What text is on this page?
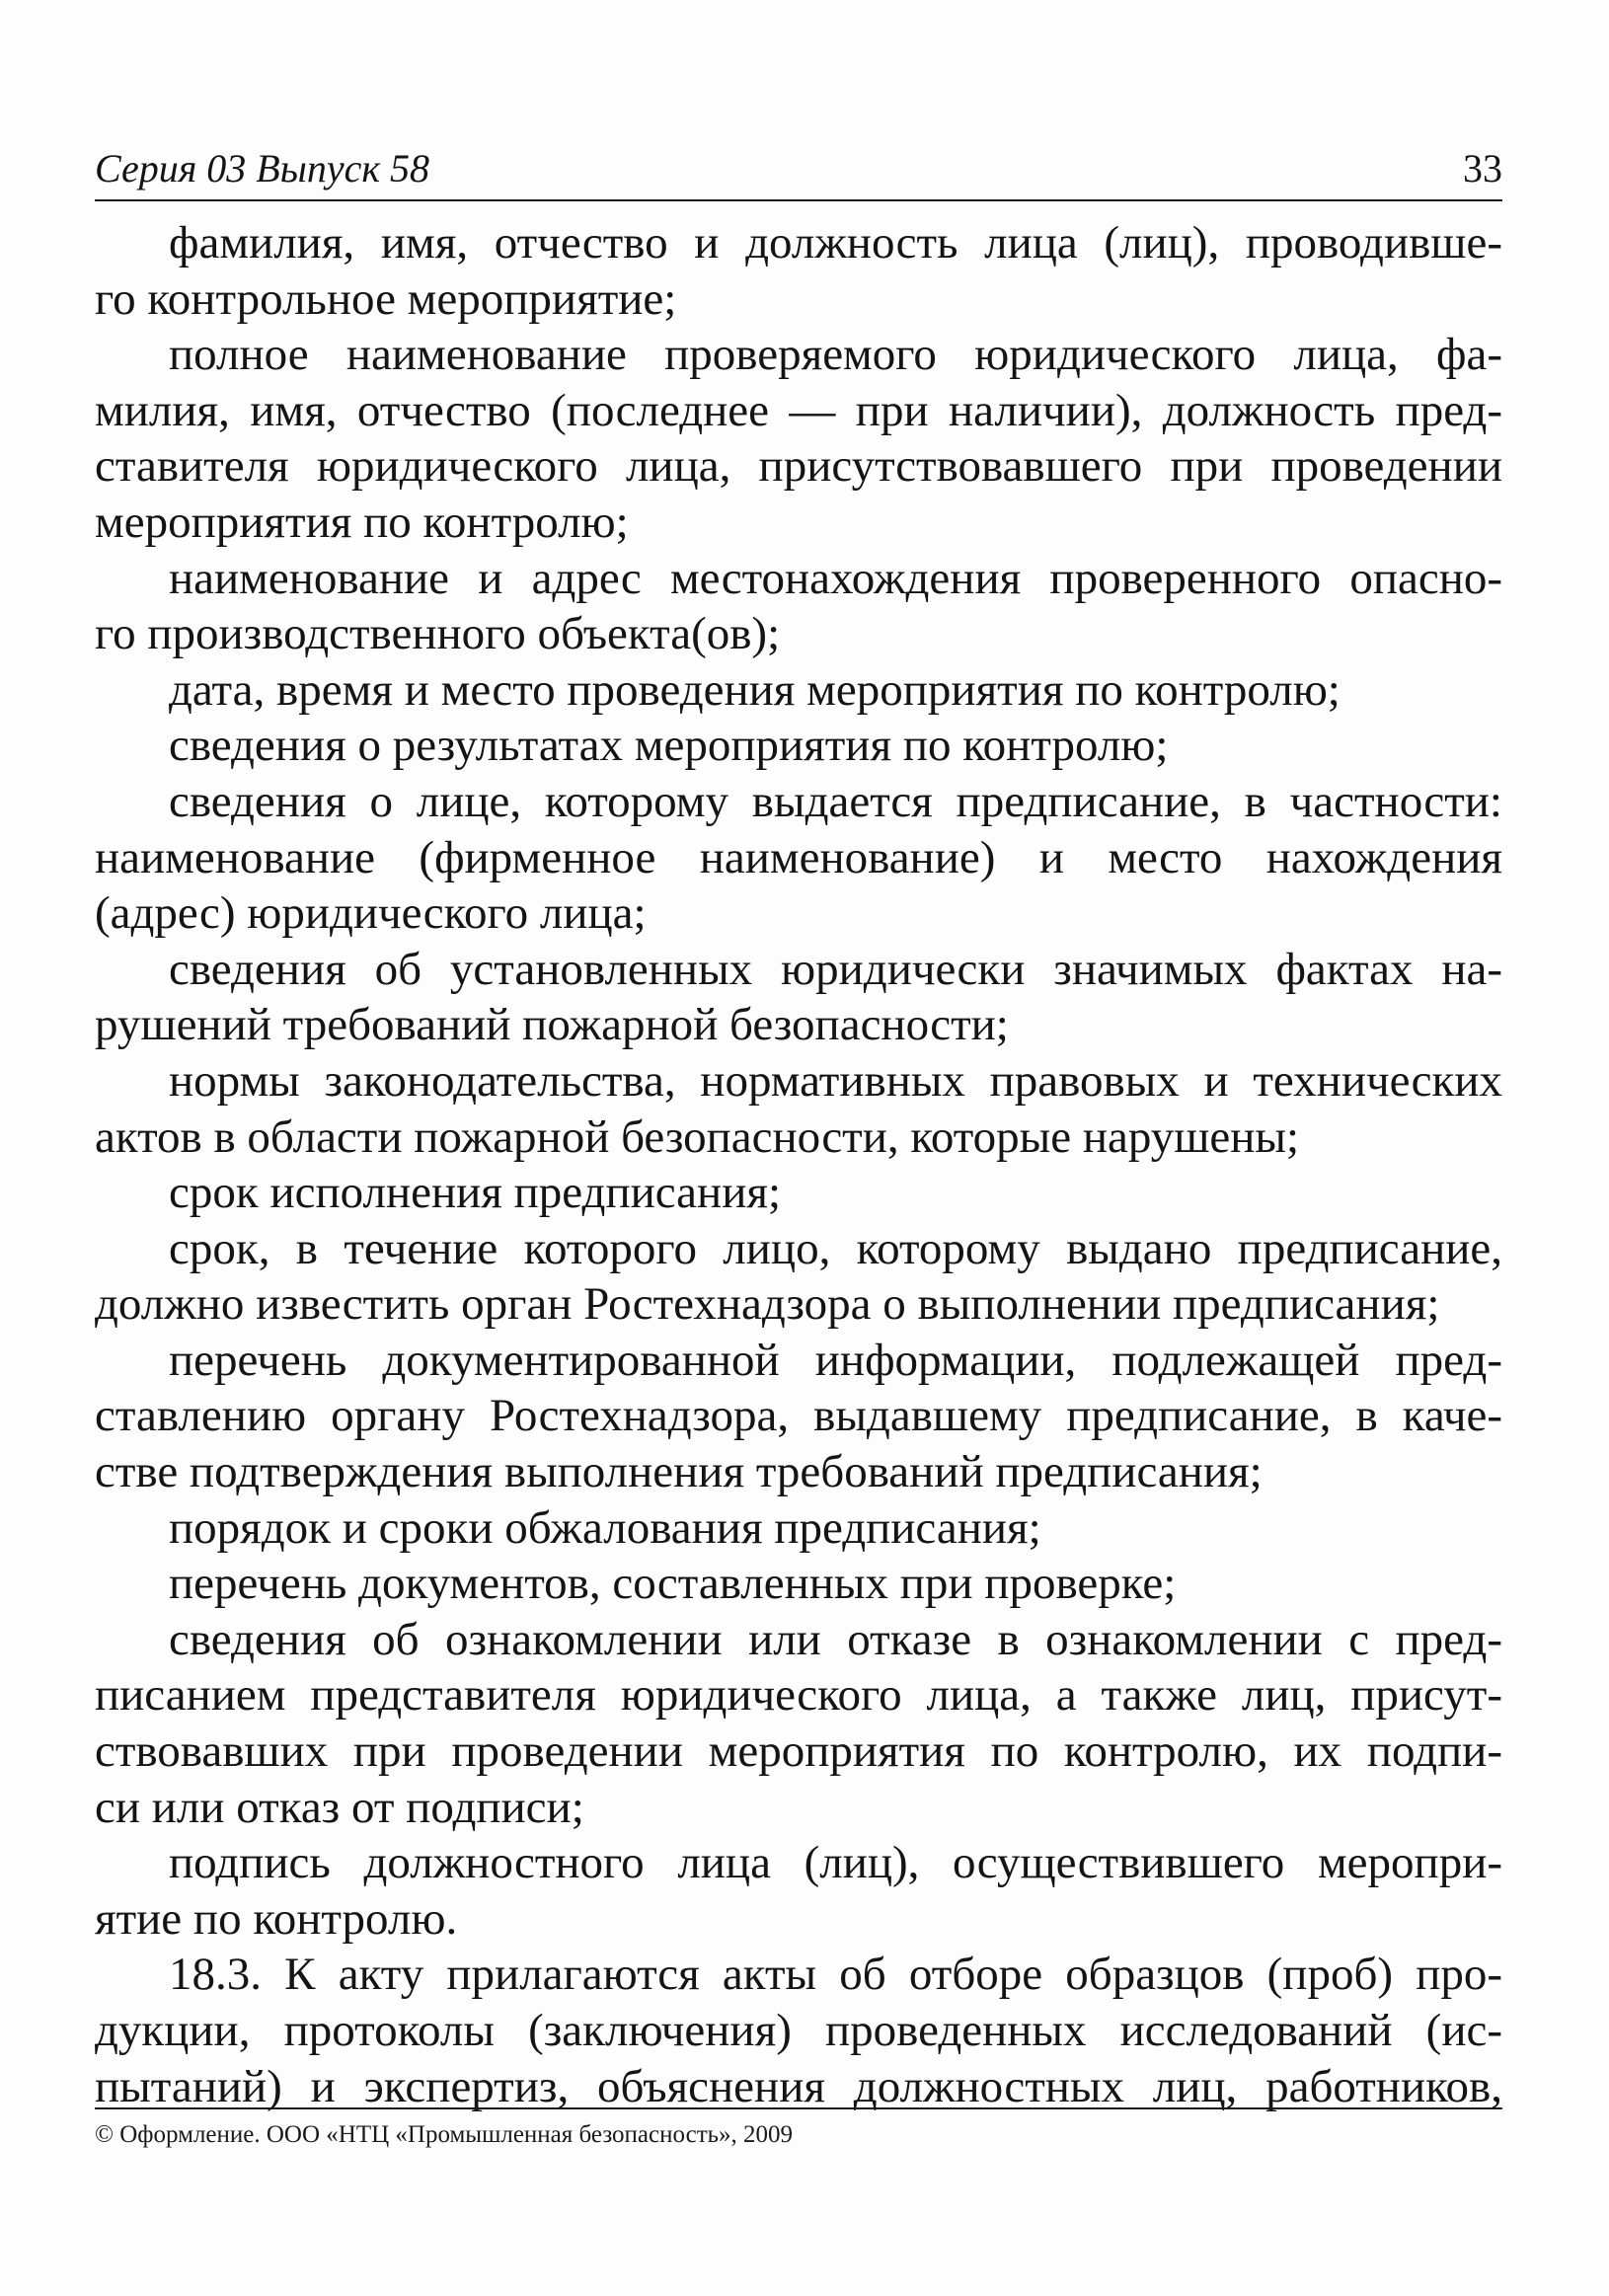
Серия 03 Выпуск 58	33

фамилия, имя, отчество и должность лица (лиц), проводивше-
го контрольное мероприятие;

полное наименование проверяемого юридического лица, фа-
милия, имя, отчество (последнее — при наличии), должность пред-
ставителя юридического лица, присутствовавшего при проведении
мероприятия по контролю;

наименование и адрес местонахождения проверенного опасно-
го производственного объекта(ов);

дата, время и место проведения мероприятия по контролю;

сведения о результатах мероприятия по контролю;

сведения о лице, которому выдается предписание, в частности:
наименование (фирменное наименование) и место нахождения
(адрес) юридического лица;

сведения об установленных юридически значимых фактах на-
рушений требований пожарной безопасности;

нормы законодательства, нормативных правовых и технических
актов в области пожарной безопасности, которые нарушены;

срок исполнения предписания;

срок, в течение которого лицо, которому выдано предписание,
должно известить орган Ростехнадзора о выполнении предписания;

перечень документированной информации, подлежащей пред-
ставлению органу Ростехнадзора, выдавшему предписание, в каче-
стве подтверждения выполнения требований предписания;

порядок и сроки обжалования предписания;

перечень документов, составленных при проверке;

сведения об ознакомлении или отказе в ознакомлении с пред-
писанием представителя юридического лица, а также лиц, присут-
ствовавших при проведении мероприятия по контролю, их подпи-
си или отказ от подписи;

подпись должностного лица (лиц), осуществившего меропри-
ятие по контролю.

18.3. К акту прилагаются акты об отборе образцов (проб) про-
дукции, протоколы (заключения) проведенных исследований (ис-
пытаний) и экспертиз, объяснения должностных лиц, работников,

© Оформление. ООО «НТЦ «Промышленная безопасность», 2009
